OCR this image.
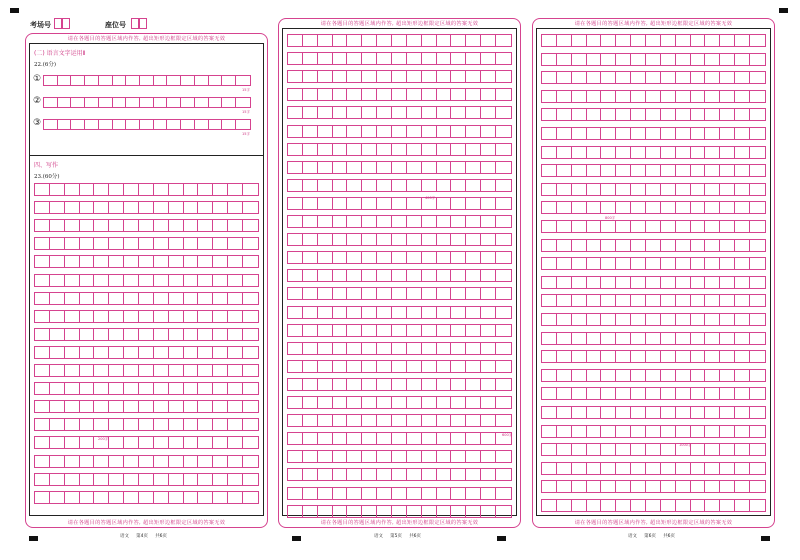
考场号	座位号
请在各题目的答题区域内作答, 超出矩形边框限定区域的答案无效
(二) 语言文字运用Ⅱ
22.(6分)
①
15字
②
15字
③
15字
四、写作
23.(60分)
200字
请在各题目的答题区域内作答, 超出矩形边框限定区域的答案无效
请在各题目的答题区域内作答, 超出矩形边框限定区域的答案无效
400字
600字
请在各题目的答题区域内作答, 超出矩形边框限定区域的答案无效
请在各题目的答题区域内作答, 超出矩形边框限定区域的答案无效
800字
1000字
请在各题目的答题区域内作答, 超出矩形边框限定区域的答案无效
语文 第4页 共6页	语文 第5页 共6页	语文 第6页 共6页
